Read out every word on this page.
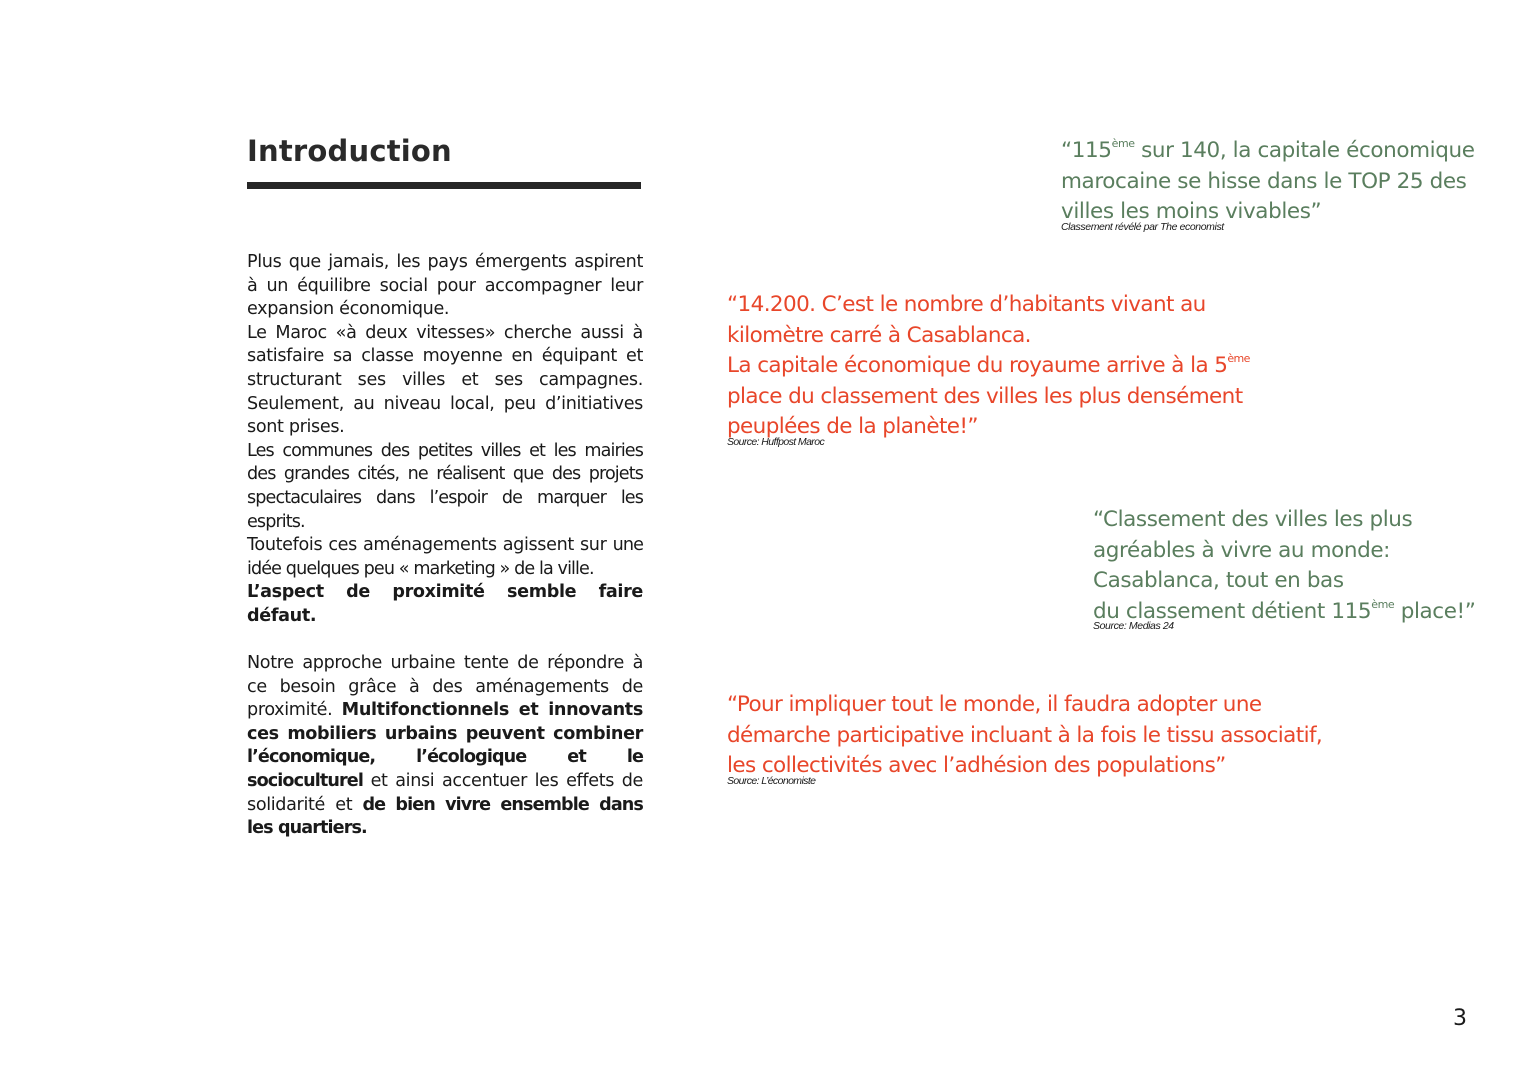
Introduction

Plus que jamais, les pays émergents aspirent à un équilibre social pour accompagner leur expansion économique.

Le Maroc «à deux vitesses» cherche aussi à satisfaire sa classe moyenne en équipant et structurant ses villes et ses campagnes. Seulement, au niveau local, peu d’initiatives sont prises.

Les communes des petites villes et les mairies des grandes cités, ne réalisent que des projets spectaculaires dans l’espoir de marquer les esprits.

Toutefois ces aménagements agissent sur une idée quelques peu « marketing » de la ville.
L’aspect de proximité semble faire défaut.

Notre approche urbaine tente de répondre à ce besoin grâce à des aménagements de proximité. Multifonctionnels et innovants ces mobiliers urbains peuvent combiner l’économique, l’écologique et le socioculturel et ainsi accentuer les effets de solidarité et de bien vivre ensemble dans les quartiers.

“115ème sur 140, la capitale économique marocaine se hisse dans le TOP 25 des villes les moins vivables”

Classement révélé par The economist

“14.200. C’est le nombre d’habitants vivant au kilomètre carré à Casablanca.

La capitale économique du royaume arrive à la 5ème place du classement des villes les plus densément peuplées de la planète!”

Source: Huffpost Maroc

“Classement des villes les plus

agréables à vivre au monde:

Casablanca, tout en bas

du classement détient 115ème place!”

Source: Medias 24

“Pour impliquer tout le monde, il faudra adopter une

démarche participative incluant à la fois le tissu associatif,

les collectivités avec l’adhésion des populations”

Source: L’économiste
3
